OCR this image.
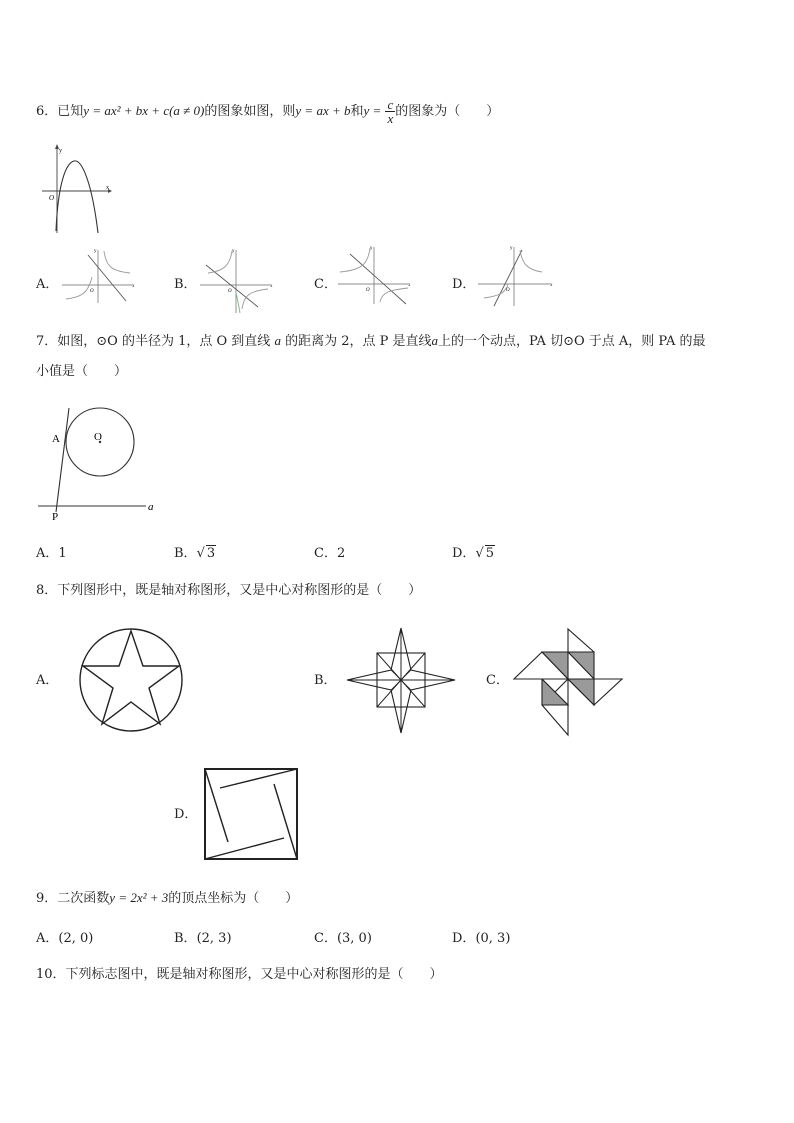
6．已知y = ax² + bx + c(a ≠ 0)的图象如图，则y = ax + b和$y = \frac{c}{x}$ 的图象为（　　）
y
x
O
A．	x
y
O	B．	x
y
O	C．	x
y
O	D．	x
y
O
7．如图，⊙O 的半径为 1，点 O 到直线 a 的距离为 2，点 P 是直线a上的一个动点，PA 切⊙O 于点 A，则 PA 的最
小值是（　　）
A	O
P
a
A．1	B．√ 3	C．2	D．√ 5
8．下列图形中，既是轴对称图形，又是中心对称图形的是（　　）
A．	B．	C．
D．
9．二次函数y = 2x² + 3的顶点坐标为（　　）
A．(2, 0)	B．(2, 3)	C．(3, 0)	D．(0, 3)
10．下列标志图中，既是轴对称图形，又是中心对称图形的是（　　）
